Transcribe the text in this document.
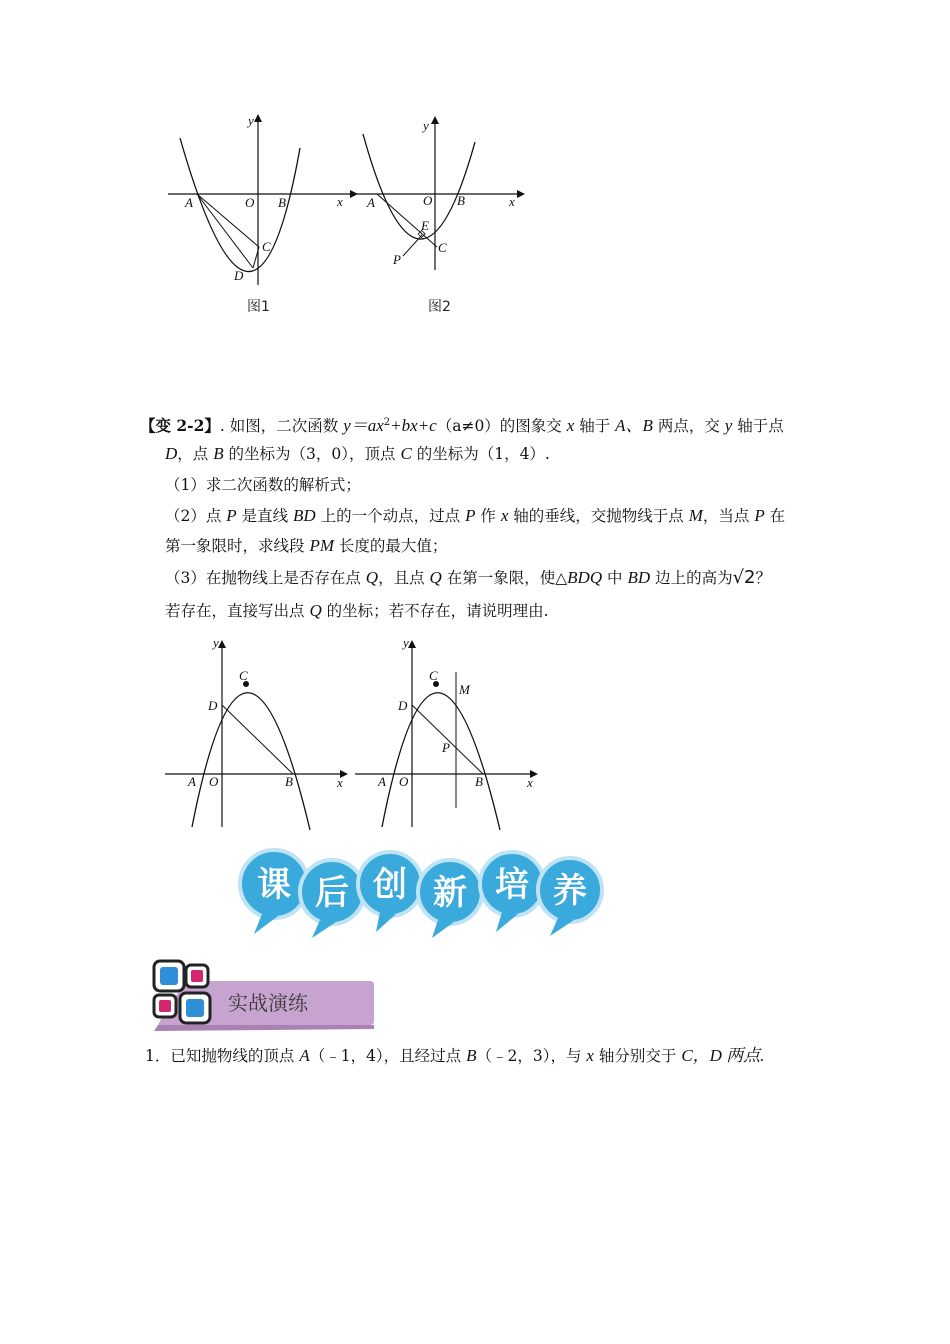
y
x
A	O B
C
D
图1
y
x
A	O B
C
E
P
图2
【变 2-2】. 如图，二次函数 $y=ax^2+bx+c(a\ne 0)$的图象交 x 轴于 A、B 两点，交 y 轴于点
D，点 B 的坐标为（3，0），顶点 C 的坐标为（1，4）.
（1）求二次函数的解析式；
（2）点 P 是直线 BD 上的一个动点，过点 P 作 x 轴的垂线，交抛物线于点 M，当点 P 在
第一象限时，求线段 PM 长度的最大值；
（3）在抛物线上是否存在点 Q，且点 Q 在第一象限，使△BDQ 中 BD 边上的高为√2？
若存在，直接写出点 Q 的坐标；若不存在，请说明理由.
y
x
A O	B
C
D
y
x
A O	B
C
D
M
P
课 后 创 新 培 养
实战演练
1．已知抛物线的顶点 A（﹣1，4），且经过点 B（﹣2，3），与 x 轴分别交于 C，D 两点.
